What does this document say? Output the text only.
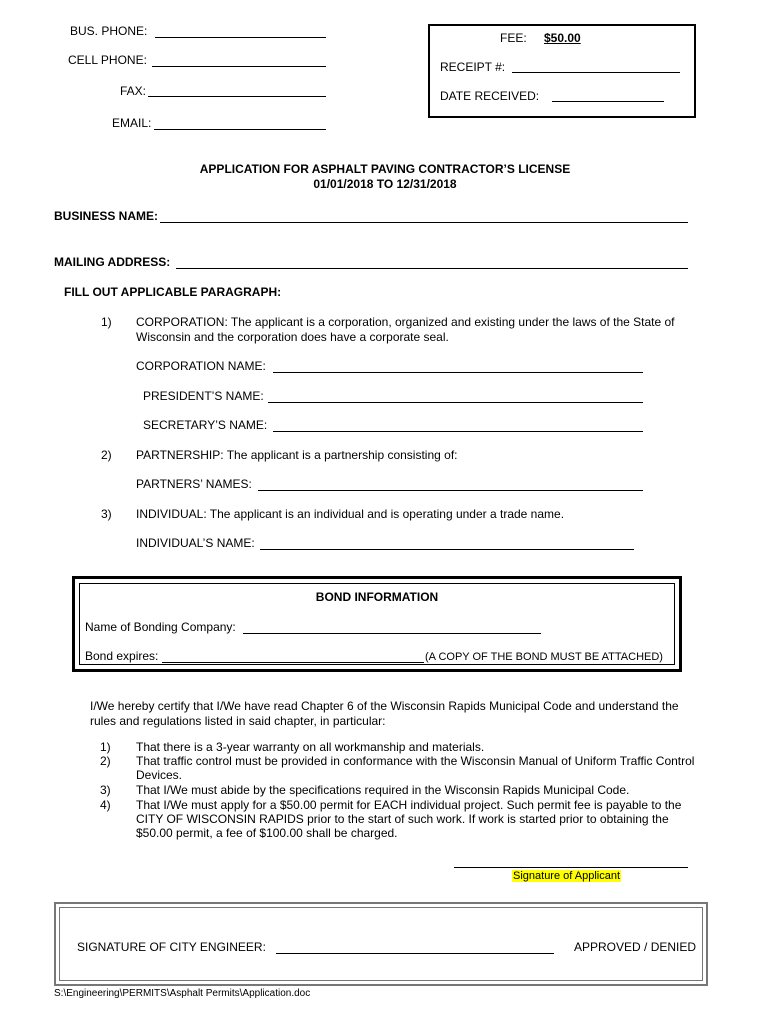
BUS. PHONE:
CELL PHONE:
FAX:
EMAIL:
FEE: $50.00
RECEIPT #:
DATE RECEIVED:
APPLICATION FOR ASPHALT PAVING CONTRACTOR’S LICENSE
01/01/2018 TO 12/31/2018
BUSINESS NAME:
MAILING ADDRESS:
FILL OUT APPLICABLE PARAGRAPH:
1) CORPORATION: The applicant is a corporation, organized and existing under the laws of the State of Wisconsin and the corporation does have a corporate seal.
CORPORATION NAME:
PRESIDENT’S NAME:
SECRETARY’S NAME:
2) PARTNERSHIP: The applicant is a partnership consisting of:
PARTNERS’ NAMES:
3) INDIVIDUAL: The applicant is an individual and is operating under a trade name.
INDIVIDUAL’S NAME:
BOND INFORMATION
Name of Bonding Company:
Bond expires:	(A COPY OF THE BOND MUST BE ATTACHED)
I/We hereby certify that I/We have read Chapter 6 of the Wisconsin Rapids Municipal Code and understand the rules and regulations listed in said chapter, in particular:
1) That there is a 3-year warranty on all workmanship and materials.
2) That traffic control must be provided in conformance with the Wisconsin Manual of Uniform Traffic Control Devices.
3) That I/We must abide by the specifications required in the Wisconsin Rapids Municipal Code.
4) That I/We must apply for a $50.00 permit for EACH individual project. Such permit fee is payable to the CITY OF WISCONSIN RAPIDS prior to the start of such work. If work is started prior to obtaining the $50.00 permit, a fee of $100.00 shall be charged.
Signature of Applicant
SIGNATURE OF CITY ENGINEER:	APPROVED / DENIED
S:\Engineering\PERMITS\Asphalt Permits\Application.doc
